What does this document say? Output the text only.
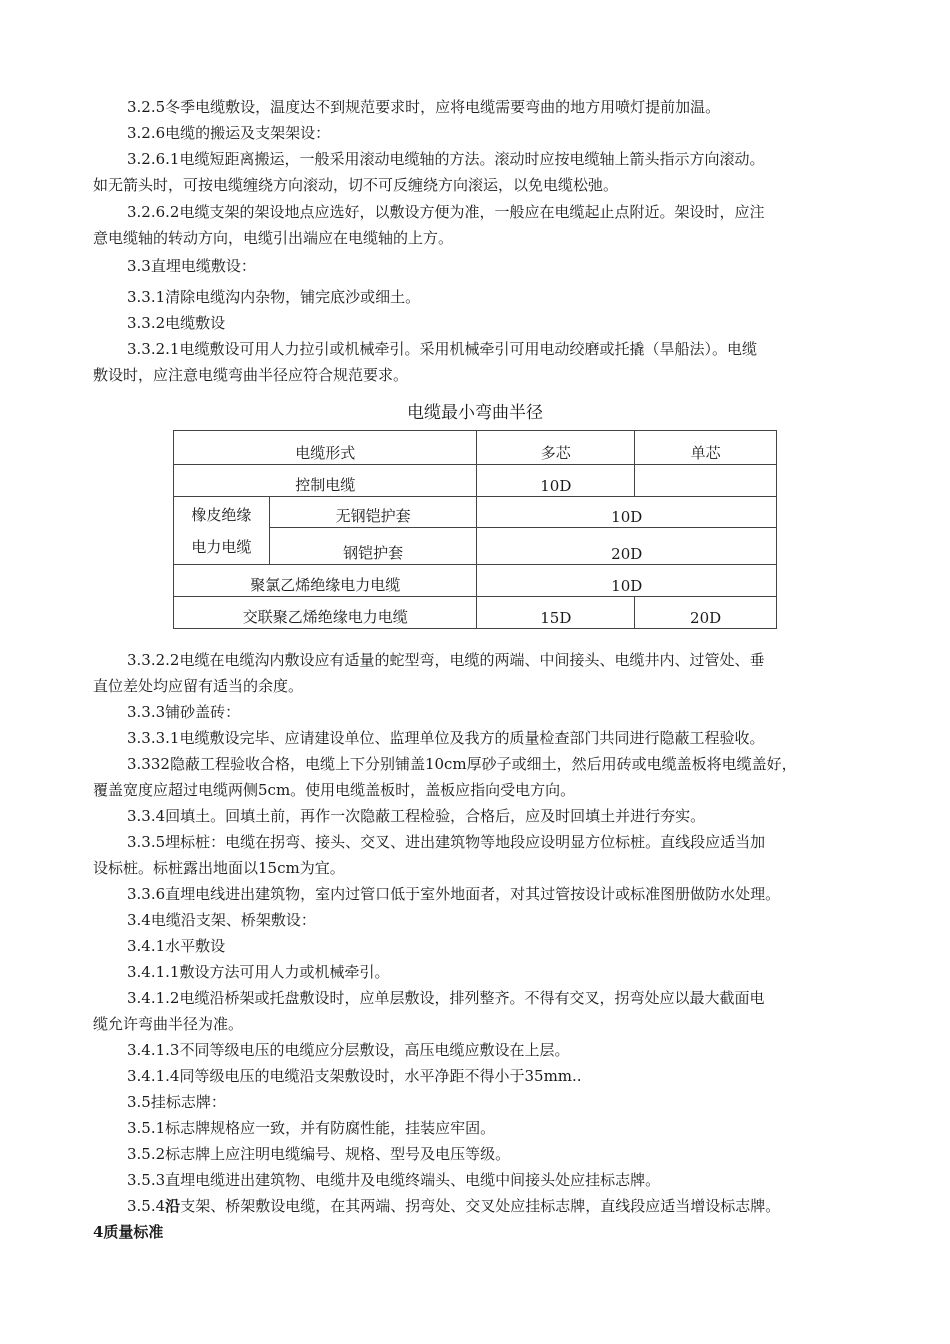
3.2.5冬季电缆敷设，温度达不到规范要求时，应将电缆需要弯曲的地方用喷灯提前加温。
3.2.6电缆的搬运及支架架设：
3.2.6.1电缆短距离搬运，一般采用滚动电缆轴的方法。滚动时应按电缆轴上箭头指示方向滚动。
如无箭头时，可按电缆缠绕方向滚动，切不可反缠绕方向滚运，以免电缆松弛。
3.2.6.2电缆支架的架设地点应选好，以敷设方便为准，一般应在电缆起止点附近。架设时，应注
意电缆轴的转动方向，电缆引出端应在电缆轴的上方。
3.3直埋电缆敷设：
3.3.1清除电缆沟内杂物，铺完底沙或细土。
3.3.2电缆敷设
3.3.2.1电缆敷设可用人力拉引或机械牵引。采用机械牵引可用电动绞磨或托撬（旱船法）。电缆
敷设时，应注意电缆弯曲半径应符合规范要求。
电缆最小弯曲半径
电缆形式		多芯	单芯

控制电缆		10D	

橡皮绝缘
电力电缆	无钢铠护套	10D	

	钢铠护套	20D	

聚氯乙烯绝缘电力电缆		10D	

交联聚乙烯绝缘电力电缆		15D	20D
3.3.2.2电缆在电缆沟内敷设应有适量的蛇型弯，电缆的两端、中间接头、电缆井内、过管处、垂
直位差处均应留有适当的余度。
3.3.3铺砂盖砖：
3.3.3.1电缆敷设完毕、应请建设单位、监理单位及我方的质量检查部门共同进行隐蔽工程验收。
3.332隐蔽工程验收合格，电缆上下分别铺盖10cm厚砂子或细土，然后用砖或电缆盖板将电缆盖好，
覆盖宽度应超过电缆两侧5cm。使用电缆盖板时，盖板应指向受电方向。
3.3.4回填土。回填土前，再作一次隐蔽工程检验，合格后，应及时回填土并进行夯实。
3.3.5埋标桩：电缆在拐弯、接头、交叉、进出建筑物等地段应设明显方位标桩。直线段应适当加
设标桩。标桩露出地面以15cm为宜。
3.3.6直埋电线进出建筑物，室内过管口低于室外地面者，对其过管按设计或标准图册做防水处理。
3.4电缆沿支架、桥架敷设：
3.4.1水平敷设
3.4.1.1敷设方法可用人力或机械牵引。
3.4.1.2电缆沿桥架或托盘敷设时，应单层敷设，排列整齐。不得有交叉，拐弯处应以最大截面电
缆允许弯曲半径为准。
3.4.1.3不同等级电压的电缆应分层敷设，高压电缆应敷设在上层。
3.4.1.4同等级电压的电缆沿支架敷设时，水平净距不得小于35mm..
3.5挂标志牌：
3.5.1标志牌规格应一致，并有防腐性能，挂装应牢固。
3.5.2标志牌上应注明电缆编号、规格、型号及电压等级。
3.5.3直埋电缆进出建筑物、电缆井及电缆终端头、电缆中间接头处应挂标志牌。
3.5.4沿支架、桥架敷设电缆，在其两端、拐弯处、交叉处应挂标志牌，直线段应适当增设标志牌。
4质量标准
